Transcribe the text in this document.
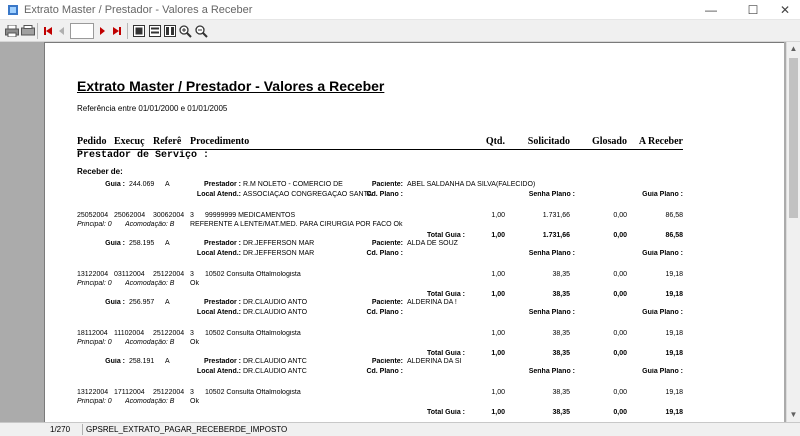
Extrato Master / Prestador - Valores a Receber	—	☐	✕
Extrato Master / Prestador - Valores a Receber
Referência entre 01/01/2000 e 01/01/2005
Pedido Execuç Referê Procedimento	Qtd.	Solicitado	Glosado	A Receber
Prestador de Serviço :
Receber de:
Guia : 244.069	A	Prestador : R.M NOLETO - COMERCIO DE	Paciente: ABEL SALDANHA DA SILVA(FALECIDO)
Local Atend.: ASSOCIAÇÃO CONGREGAÇÃO SANTA
Cd. Plano :	Senha Plano :	Guia Plano :
25052004 25062004	30062004 3	99999999 MEDICAMENTOS	1,00	1.731,66	0,00	86,58
Principal: 0	Acomodação: B REFERENTE A LENTE/MAT.MED. PARA CIRURGIA POR FACO Ok
Total Guia :	1,00	1.731,66	0,00	86,58
Guia : 258.195	A	Prestador : DR.JEFFERSON MAR	Paciente: ALDA DE SOUZ
Local Atend.: DR.JEFFERSON MAR	Cd. Plano :	Senha Plano :	Guia Plano :
13122004 03112004	25122004 3	10502 Consulta Oftalmologista	1,00	38,35	0,00	19,18
Principal: 0	Acomodação: B Ok
Total Guia :	1,00	38,35	0,00	19,18
Guia : 256.957	A	Prestador : DR.CLAUDIO ANTO	Paciente: ALDERINA DA !
Local Atend.: DR.CLAUDIO ANTO	Cd. Plano :	Senha Plano :	Guia Plano :
18112004 11102004	25122004 3	10502 Consulta Oftalmologista	1,00	38,35	0,00	19,18
Principal: 0	Acomodação: B Ok
Total Guia :	1,00	38,35	0,00	19,18
Guia : 258.191	A	Prestador : DR.CLAUDIO ANTC	Paciente: ALDERINA DA SI
Local Atend.: DR.CLAUDIO ANTC	Cd. Plano :	Senha Plano :	Guia Plano :
13122004 17112004	25122004 3	10502 Consulta Oftalmologista	1,00	38,35	0,00	19,18
Principal: 0	Acomodação: B Ok
Total Guia :	1,00	38,35	0,00	19,18
▲
▼
1/270 GPSREL_EXTRATO_PAGAR_RECEBERDE_IMPOSTO
